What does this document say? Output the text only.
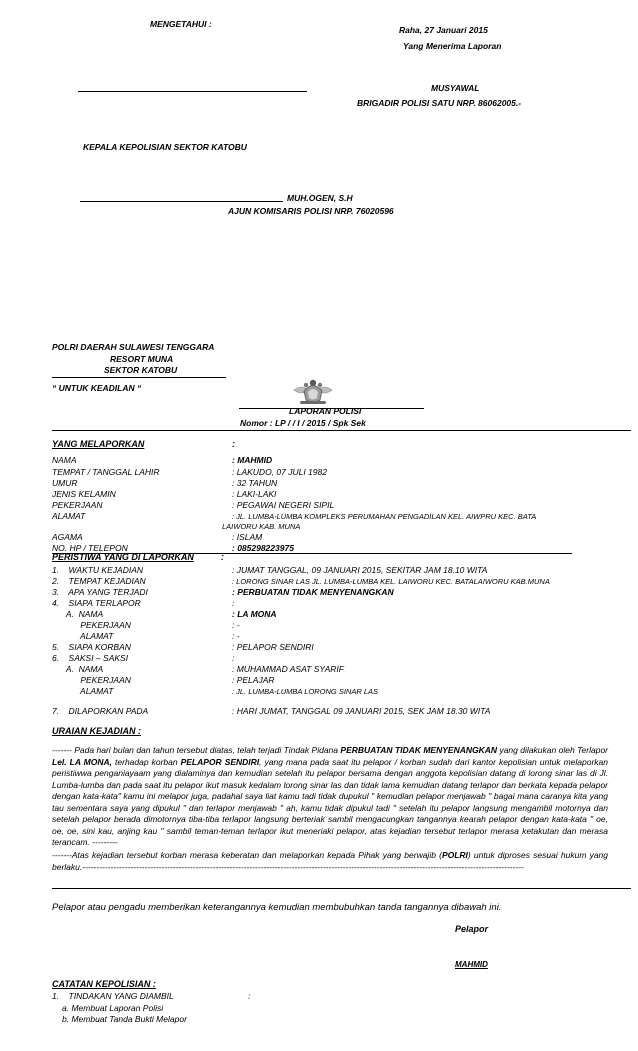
MENGETAHUI :
Raha, 27 Januari 2015
Yang Menerima Laporan
MUSYAWAL
BRIGADIR POLISI SATU NRP. 86062005.-
KEPALA KEPOLISIAN SEKTOR KATOBU
MUH.OGEN, S.H
AJUN KOMISARIS POLISI NRP. 76020596
POLRI DAERAH SULAWESI TENGGARA
RESORT MUNA
SEKTOR KATOBU
“ UNTUK KEADILAN “
LAPORAN POLISI
Nomor : LP / / I / 2015 / Spk Sek
YANG MELAPORKAN	:
NAMA	: MAHMID
TEMPAT / TANGGAL LAHIR	: LAKUDO, 07 JULI 1982
UMUR	: 32 TAHUN
JENIS KELAMIN	: LAKI-LAKI
PEKERJAAN	: PEGAWAI NEGERI SIPIL
ALAMAT	: JL. LUMBA-LUMBA KOMPLEKS PERUMAHAN PENGADILAN KEL. AIWPRU KEC. BATA
LAIWORU KAB. MUNA
AGAMA	: ISLAM
NO. HP / TELEPON	: 085298223975
PERISTIWA YANG DI LAPORKAN	:
1.    WAKTU KEJADIAN	: JUMAT TANGGAL, 09 JANUARI 2015, SEKITAR JAM 18.10 WITA
2.    TEMPAT KEJADIAN	: LORONG SINAR LAS JL. LUMBA-LUMBA KEL. LAIWORU KEC. BATALAIWORU KAB.MUNA
3.    APA YANG TERJADI	: PERBUATAN TIDAK MENYENANGKAN
4.    SIAPA TERLAPOR	:
A.  NAMA	: LA MONA
PEKERJAAN	: -
ALAMAT	: -
5.    SIAPA KORBAN	: PELAPOR SENDIRI
6.    SAKSI – SAKSI	:
A.  NAMA	: MUHAMMAD ASAT SYARIF
PEKERJAAN	: PELAJAR
ALAMAT	: JL. LUMBA-LUMBA LORONG SINAR LAS
7.    DILAPORKAN PADA	: HARI JUMAT, TANGGAL 09 JANUARI 2015, SEK JAM 18.30 WITA
URAIAN KEJADIAN :
------- Pada hari bulan dan tahun tersebut diatas, telah terjadi Tindak Pidana PERBUATAN TIDAK MENYENANGKAN yang dilakukan oleh Terlapor Lel. LA MONA, terhadap korban PELAPOR SENDIRI, yang mana pada saat itu pelapor / korban sudah dari kantor kepolisian untuk melaporkan peristiwwa penganiayaam yang dialaminya dan kemudian setelah itu pelapor bersama dengan anggota kepolisian datang di lorong sinar las di Jl. Lumba-lumba dan pada saat itu pelapor ikut masuk kedalam lorong sinar las dan tidak lama kemudian datang terlapor dan berkata kepada pelapor dengan kata-kata" kamu ini melapor juga, padahal saya liat kamu tadi tidak dupukul " kemudian pelapor menjawab " bagai mana caranya kita yang tau sementara saya yang dipukul " dan terlapor menjawab " ah, kamu tidak dipukul tadi " setelah itu pelapor langsung mengambil motornya dan setelah pelapor berada dimotornya tiba-tiba terlapor langsung berteriak sambil mengacungkan tangannya kearah pelapor dengan kata-kata " oe, oe, oe, sini kau, anjing kau " sambil teman-teman terlapor ikut meneriaki pelapor, atas kejadian tersebut terlapor merasa ketakutan dan merasa terancam. ---------
-------Atas kejadian tersebut korban merasa keberatan dan melaporkan kepada Pihak yang berwajib (POLRI) untuk diproses sesuai hukum yang berlaku.------------------------------------------------------------------------------------------------------------------------------------------------------------
Pelapor atau pengadu memberikan keterangannya kemudian membubuhkan tanda tangannya dibawah ini.
Pelapor
MAHMID
CATATAN KEPOLISIAN :
1.    TINDAKAN YANG DIAMBIL	:
a. Membuat Laporan Polisi
b. Membuat Tanda Bukti Melapor
